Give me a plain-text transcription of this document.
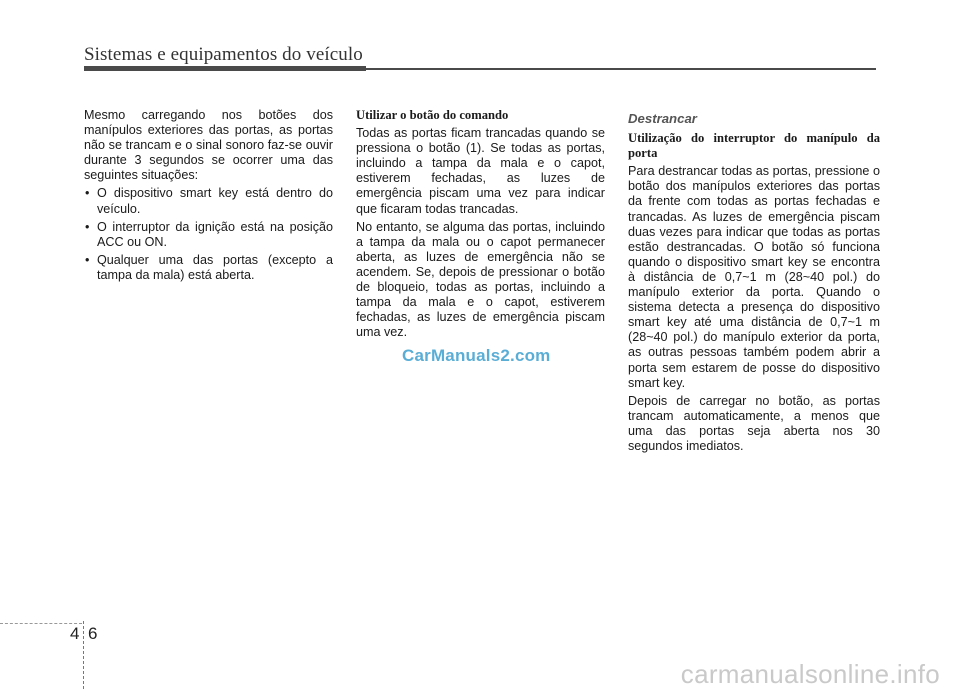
Sistemas e equipamentos do veículo

Mesmo carregando nos botões dos manípulos exteriores das portas, as portas não se trancam e o sinal sonoro faz-se ouvir durante 3 segundos se ocorrer uma das seguintes situações:

• O dispositivo smart key está dentro do veículo.
• O interruptor da ignição está na posição ACC ou ON.
• Qualquer uma das portas (excepto a tampa da mala) está aberta.
Utilizar o botão do comando

Todas as portas ficam trancadas quando se pressiona o botão (1). Se todas as portas, incluindo a tampa da mala e o capot, estiverem fechadas, as luzes de emergência piscam uma vez para indicar que ficaram todas trancadas.

No entanto, se alguma das portas, incluindo a tampa da mala ou o capot permanecer aberta, as luzes de emergência não se acendem. Se, depois de pressionar o botão de bloqueio, todas as portas, incluindo a tampa da mala e o capot, estiverem fechadas, as luzes de emergência piscam uma vez.

Destrancar
Utilização do interruptor do manípulo da porta

Para destrancar todas as portas, pressione o botão dos manípulos exteriores das portas da frente com todas as portas fechadas e trancadas. As luzes de emergência piscam duas vezes para indicar que todas as portas estão destrancadas. O botão só funciona quando o dispositivo smart key se encontra à distância de 0,7~1 m (28~40 pol.) do manípulo exterior da porta. Quando o sistema detecta a presença do dispositivo smart key até uma distância de 0,7~1 m (28~40 pol.) do manípulo exterior da porta, as outras pessoas também podem abrir a porta sem estarem de posse do dispositivo smart key.

Depois de carregar no botão, as portas trancam automaticamente, a menos que uma das portas seja aberta nos 30 segundos imediatos.

CarManuals2.com
4 6
carmanualsonline.info
